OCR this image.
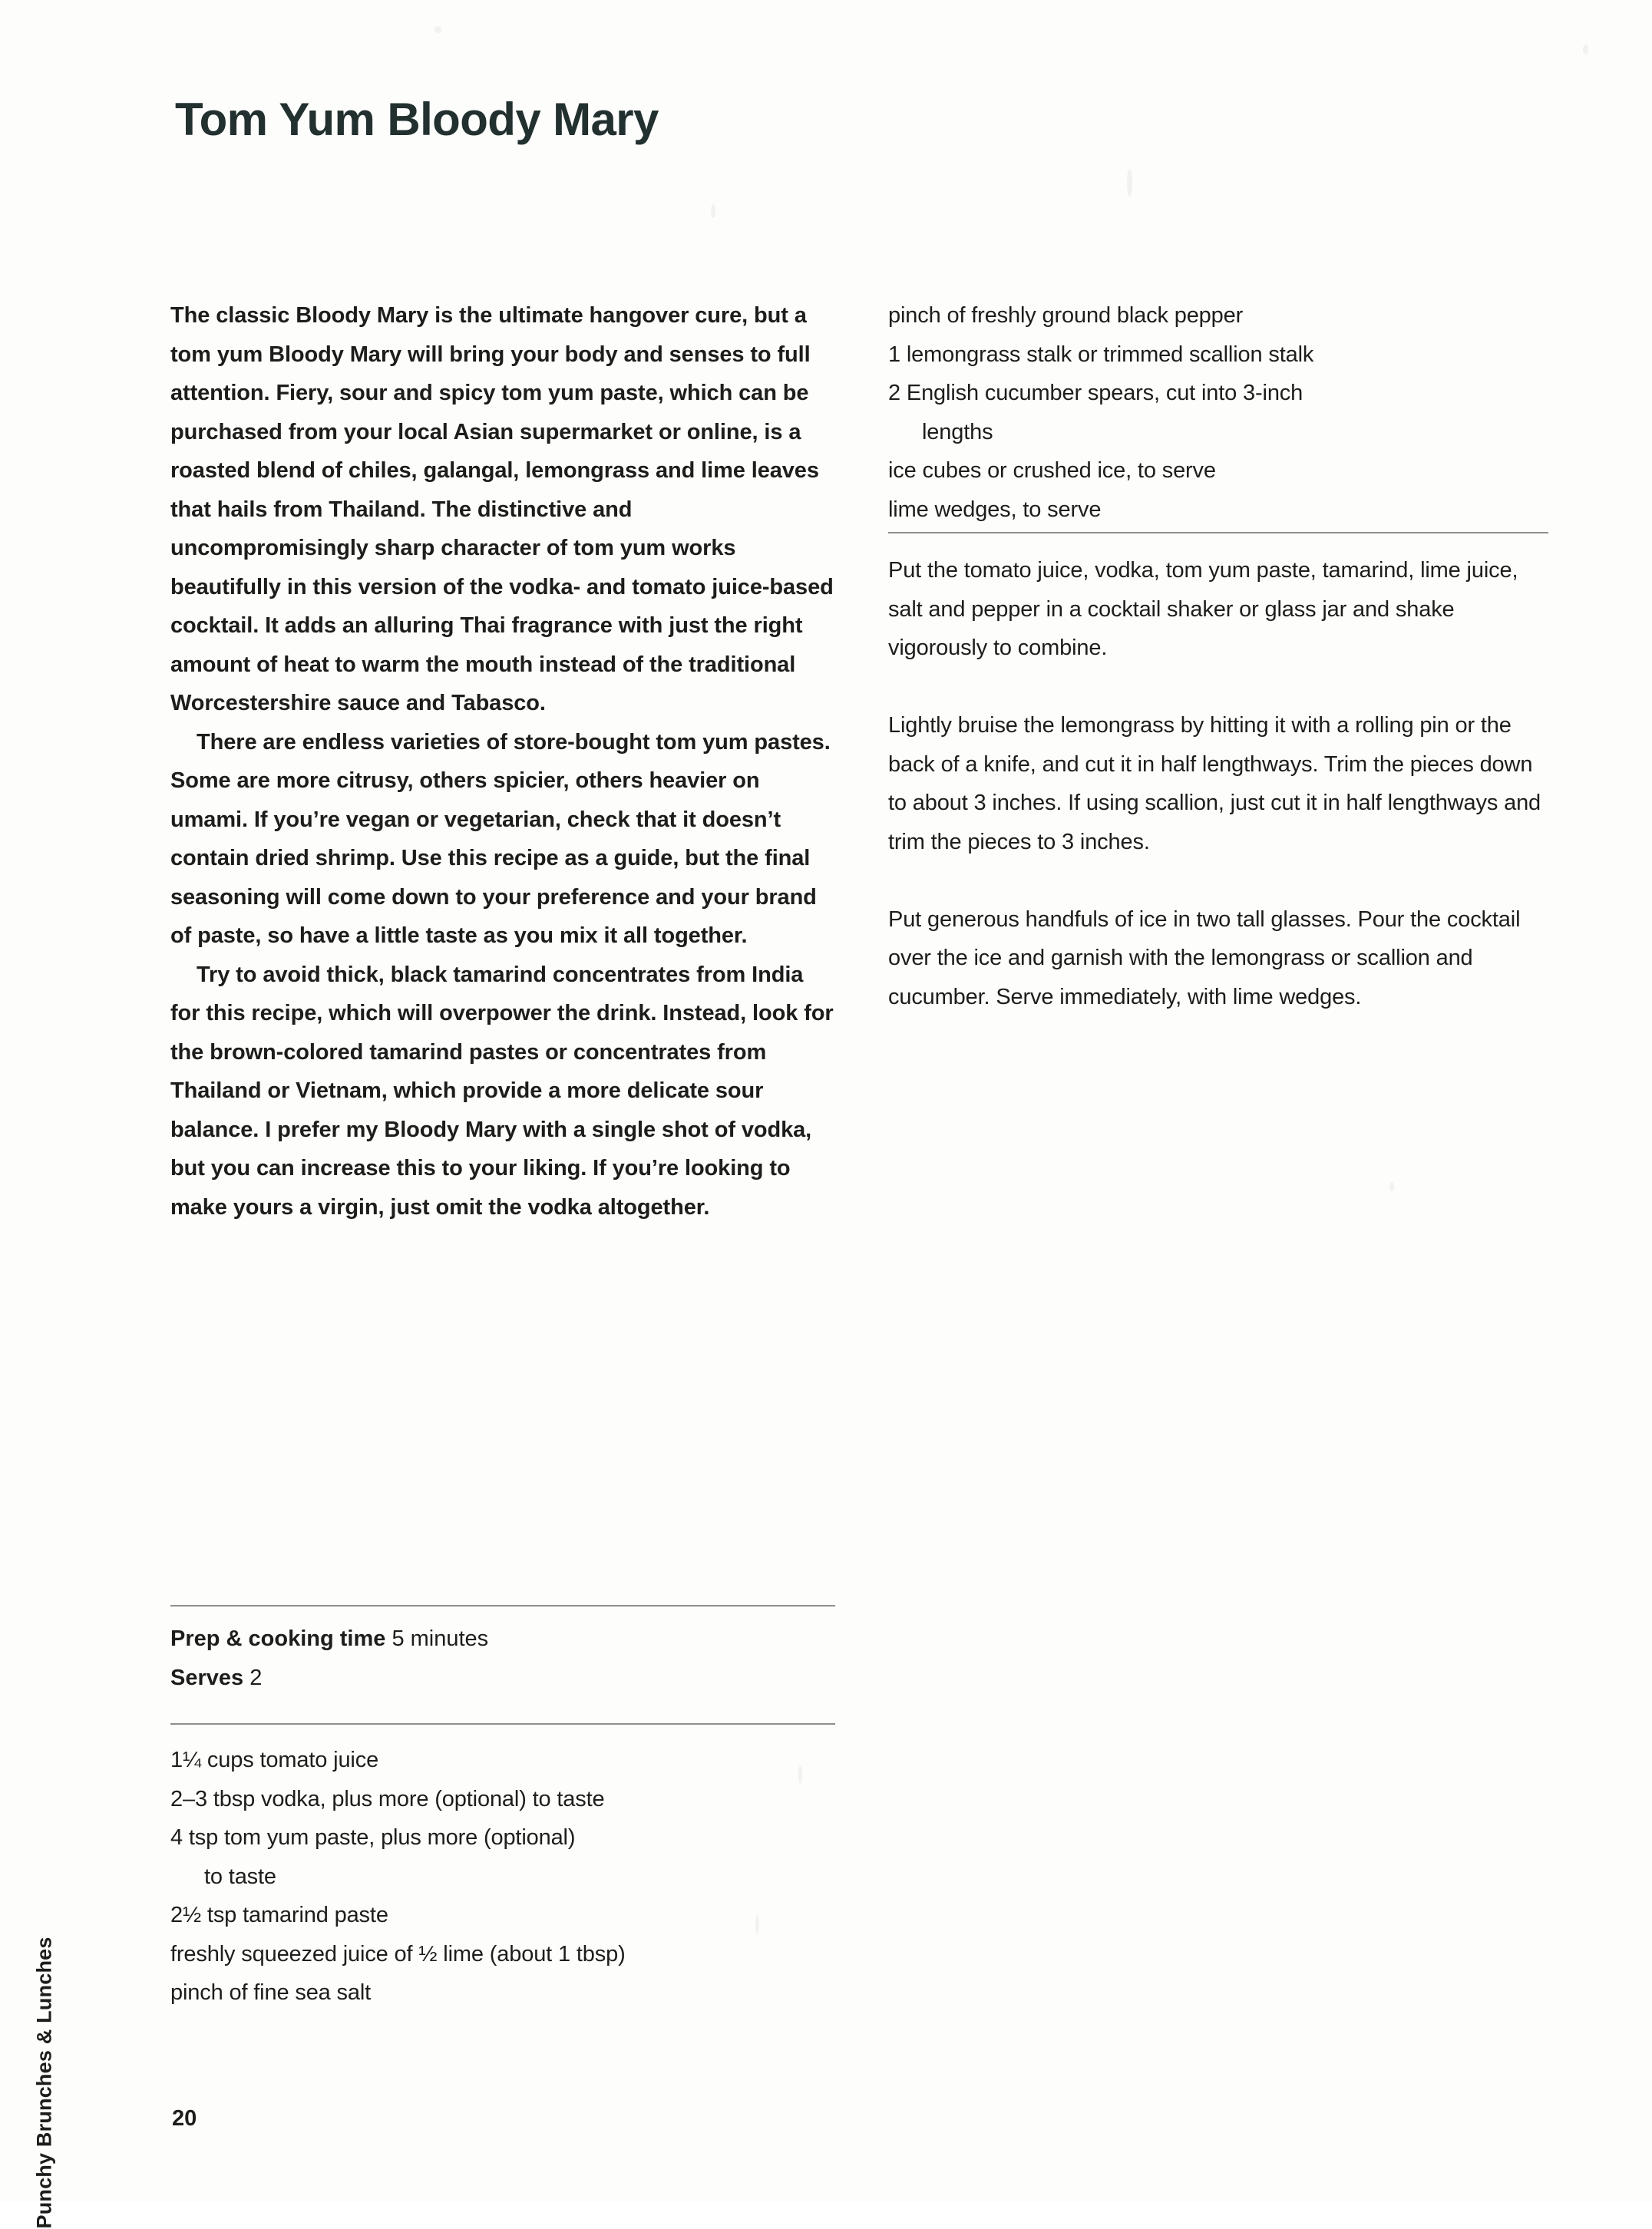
Punchy Brunches & Lunches
Tom Yum Bloody Mary

The classic Bloody Mary is the ultimate hangover cure, but a tom yum Bloody Mary will bring your body and senses to full attention. Fiery, sour and spicy tom yum paste, which can be purchased from your local Asian supermarket or online, is a roasted blend of chiles, galangal, lemongrass and lime leaves that hails from Thailand. The distinctive and uncompromisingly sharp character of tom yum works beautifully in this version of the vodka- and tomato juice-based cocktail. It adds an alluring Thai fragrance with just the right amount of heat to warm the mouth instead of the traditional Worcestershire sauce and Tabasco.

There are endless varieties of store-bought tom yum pastes. Some are more citrusy, others spicier, others heavier on umami. If you’re vegan or vegetarian, check that it doesn’t contain dried shrimp. Use this recipe as a guide, but the final seasoning will come down to your preference and your brand of paste, so have a little taste as you mix it all together.

Try to avoid thick, black tamarind concentrates from India for this recipe, which will overpower the drink. Instead, look for the brown-colored tamarind pastes or concentrates from Thailand or Vietnam, which provide a more delicate sour balance. I prefer my Bloody Mary with a single shot of vodka, but you can increase this to your liking. If you’re looking to make yours a virgin, just omit the vodka altogether.

Prep & cooking time 5 minutes
Serves 2
1¼ cups tomato juice
2–3 tbsp vodka, plus more (optional) to taste
4 tsp tom yum paste, plus more (optional)
to taste
2½ tsp tamarind paste
freshly squeezed juice of ½ lime (about 1 tbsp)
pinch of fine sea salt
20
pinch of freshly ground black pepper
1 lemongrass stalk or trimmed scallion stalk
2 English cucumber spears, cut into 3-inch
lengths
ice cubes or crushed ice, to serve
lime wedges, to serve

Put the tomato juice, vodka, tom yum paste, tamarind, lime juice, salt and pepper in a cocktail shaker or glass jar and shake vigorously to combine.

Lightly bruise the lemongrass by hitting it with a rolling pin or the back of a knife, and cut it in half lengthways. Trim the pieces down to about 3 inches. If using scallion, just cut it in half lengthways and trim the pieces to 3 inches.

Put generous handfuls of ice in two tall glasses. Pour the cocktail over the ice and garnish with the lemongrass or scallion and cucumber. Serve immediately, with lime wedges.
